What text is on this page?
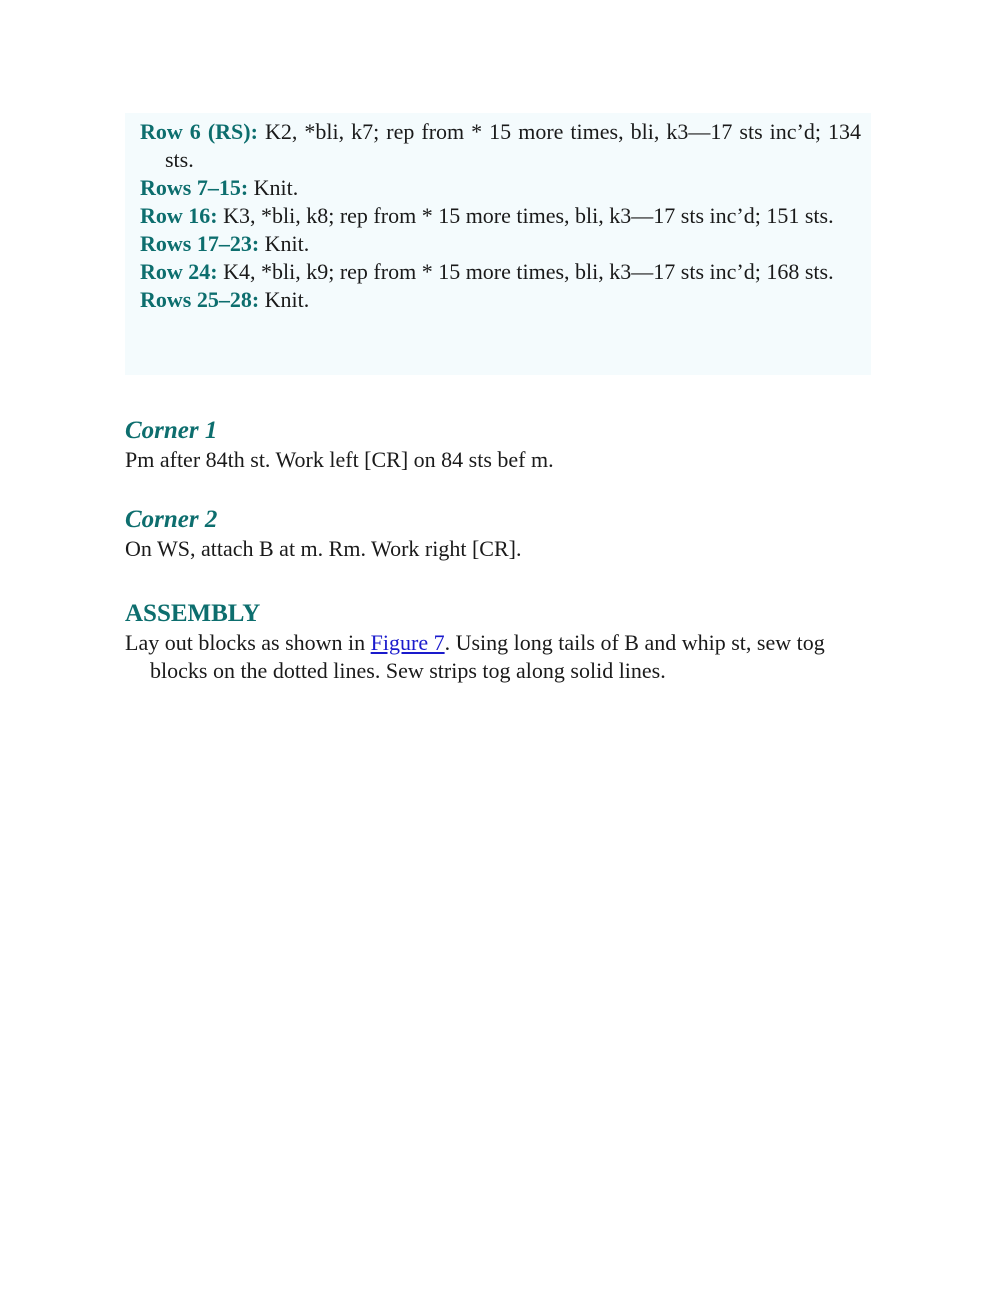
Row 6 (RS): K2, *bli, k7; rep from * 15 more times, bli, k3—17 sts inc’d; 134 sts.
Rows 7–15: Knit.
Row 16: K3, *bli, k8; rep from * 15 more times, bli, k3—17 sts inc’d; 151 sts.
Rows 17–23: Knit.
Row 24: K4, *bli, k9; rep from * 15 more times, bli, k3—17 sts inc’d; 168 sts.
Rows 25–28: Knit.
Corner 1
Pm after 84th st. Work left [CR] on 84 sts bef m.
Corner 2
On WS, attach B at m. Rm. Work right [CR].
ASSEMBLY
Lay out blocks as shown in Figure 7. Using long tails of B and whip st, sew tog blocks on the dotted lines. Sew strips tog along solid lines.
